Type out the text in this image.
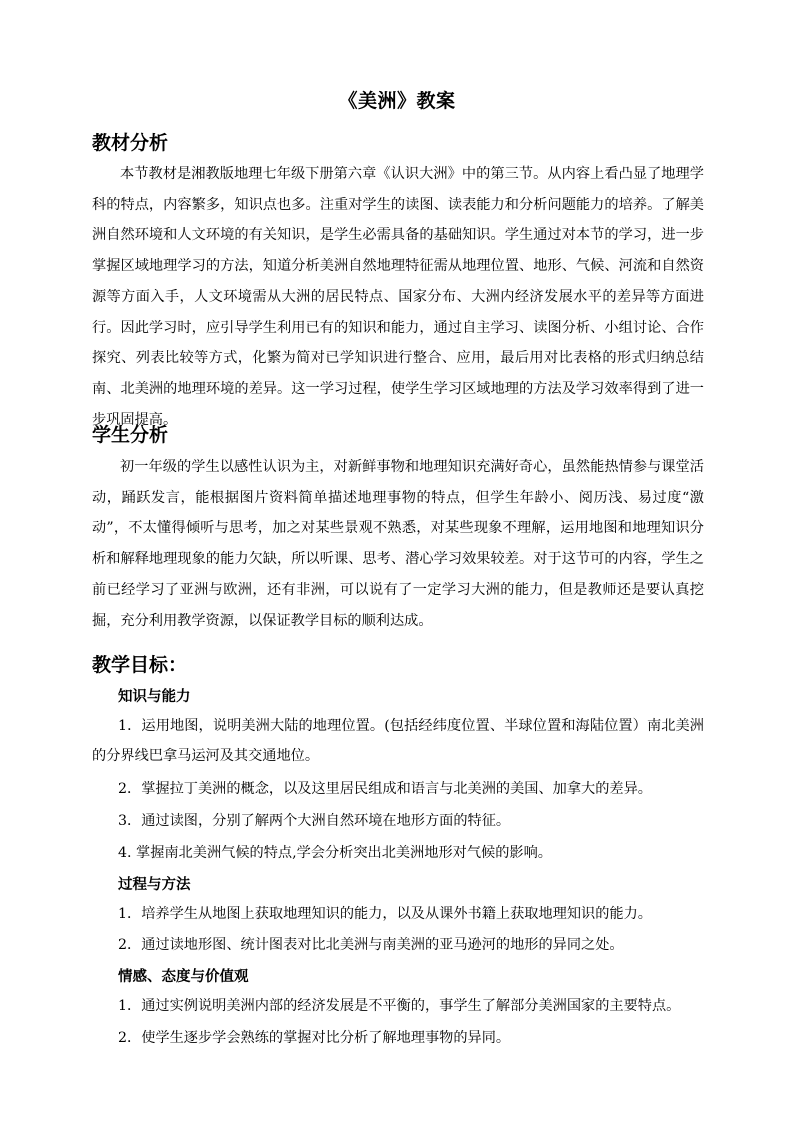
《美洲》教案
教材分析

本节教材是湘教版地理七年级下册第六章《认识大洲》中的第三节。从内容上看凸显了地理学科的特点，内容繁多，知识点也多。注重对学生的读图、读表能力和分析问题能力的培养。了解美洲自然环境和人文环境的有关知识，是学生必需具备的基础知识。学生通过对本节的学习，进一步掌握区域地理学习的方法，知道分析美洲自然地理特征需从地理位置、地形、气候、河流和自然资源等方面入手，人文环境需从大洲的居民特点、国家分布、大洲内经济发展水平的差异等方面进行。因此学习时，应引导学生利用已有的知识和能力，通过自主学习、读图分析、小组讨论、合作探究、列表比较等方式，化繁为简对已学知识进行整合、应用，最后用对比表格的形式归纳总结南、北美洲的地理环境的差异。这一学习过程，使学生学习区域地理的方法及学习效率得到了进一步巩固提高。

学生分析

初一年级的学生以感性认识为主，对新鲜事物和地理知识充满好奇心，虽然能热情参与课堂活动，踊跃发言，能根据图片资料简单描述地理事物的特点，但学生年龄小、阅历浅、易过度“激动”，不太懂得倾听与思考，加之对某些景观不熟悉，对某些现象不理解，运用地图和地理知识分析和解释地理现象的能力欠缺，所以听课、思考、潜心学习效果较差。对于这节可的内容，学生之前已经学习了亚洲与欧洲，还有非洲，可以说有了一定学习大洲的能力，但是教师还是要认真挖掘，充分利用教学资源，以保证教学目标的顺利达成。

教学目标：
知识与能力

1．运用地图，说明美洲大陆的地理位置。(包括经纬度位置、半球位置和海陆位置）南北美洲的分界线巴拿马运河及其交通地位。

2．掌握拉丁美洲的概念，以及这里居民组成和语言与北美洲的美国、加拿大的差异。

3．通过读图，分别了解两个大洲自然环境在地形方面的特征。

4. 掌握南北美洲气候的特点,学会分析突出北美洲地形对气候的影响。

过程与方法

1．培养学生从地图上获取地理知识的能力，以及从课外书籍上获取地理知识的能力。

2．通过读地形图、统计图表对比北美洲与南美洲的亚马逊河的地形的异同之处。

情感、态度与价值观

1．通过实例说明美洲内部的经济发展是不平衡的，事学生了解部分美洲国家的主要特点。

2．使学生逐步学会熟练的掌握对比分析了解地理事物的异同。
